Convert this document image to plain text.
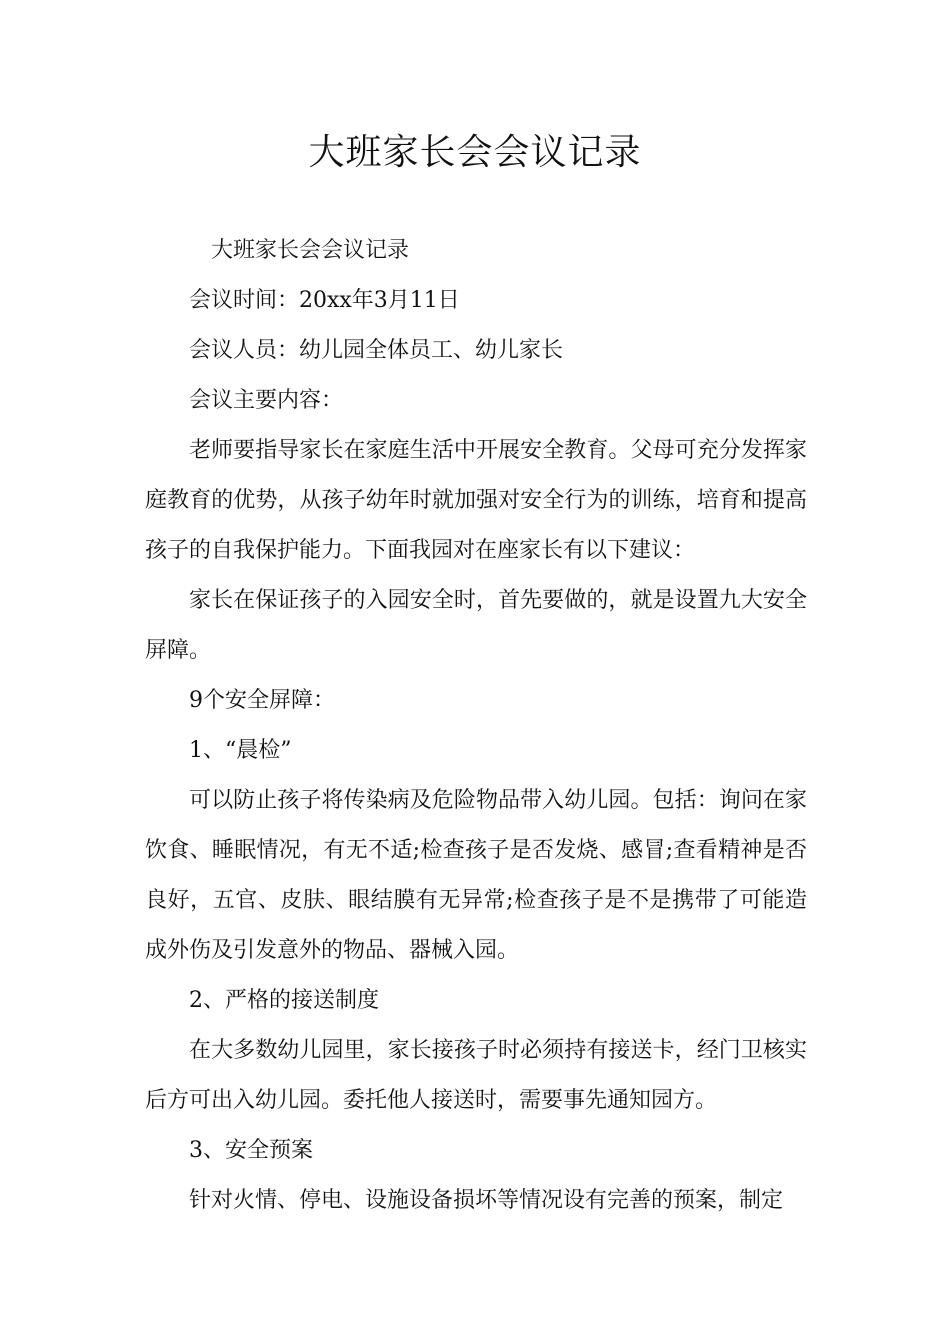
大班家长会会议记录

大班家长会会议记录

会议时间：20xx年3月11日

会议人员：幼儿园全体员工、幼儿家长

会议主要内容：

老师要指导家长在家庭生活中开展安全教育。父母可充分发挥家庭教育的优势，从孩子幼年时就加强对安全行为的训练，培育和提高孩子的自我保护能力。下面我园对在座家长有以下建议：

家长在保证孩子的入园安全时，首先要做的，就是设置九大安全屏障。

9个安全屏障：

1、“晨检”

可以防止孩子将传染病及危险物品带入幼儿园。包括：询问在家饮食、睡眠情况，有无不适;检查孩子是否发烧、感冒;查看精神是否良好，五官、皮肤、眼结膜有无异常;检查孩子是不是携带了可能造成外伤及引发意外的物品、器械入园。

2、严格的接送制度

在大多数幼儿园里，家长接孩子时必须持有接送卡，经门卫核实后方可出入幼儿园。委托他人接送时，需要事先通知园方。

3、安全预案

针对火情、停电、设施设备损坏等情况设有完善的预案，制定
